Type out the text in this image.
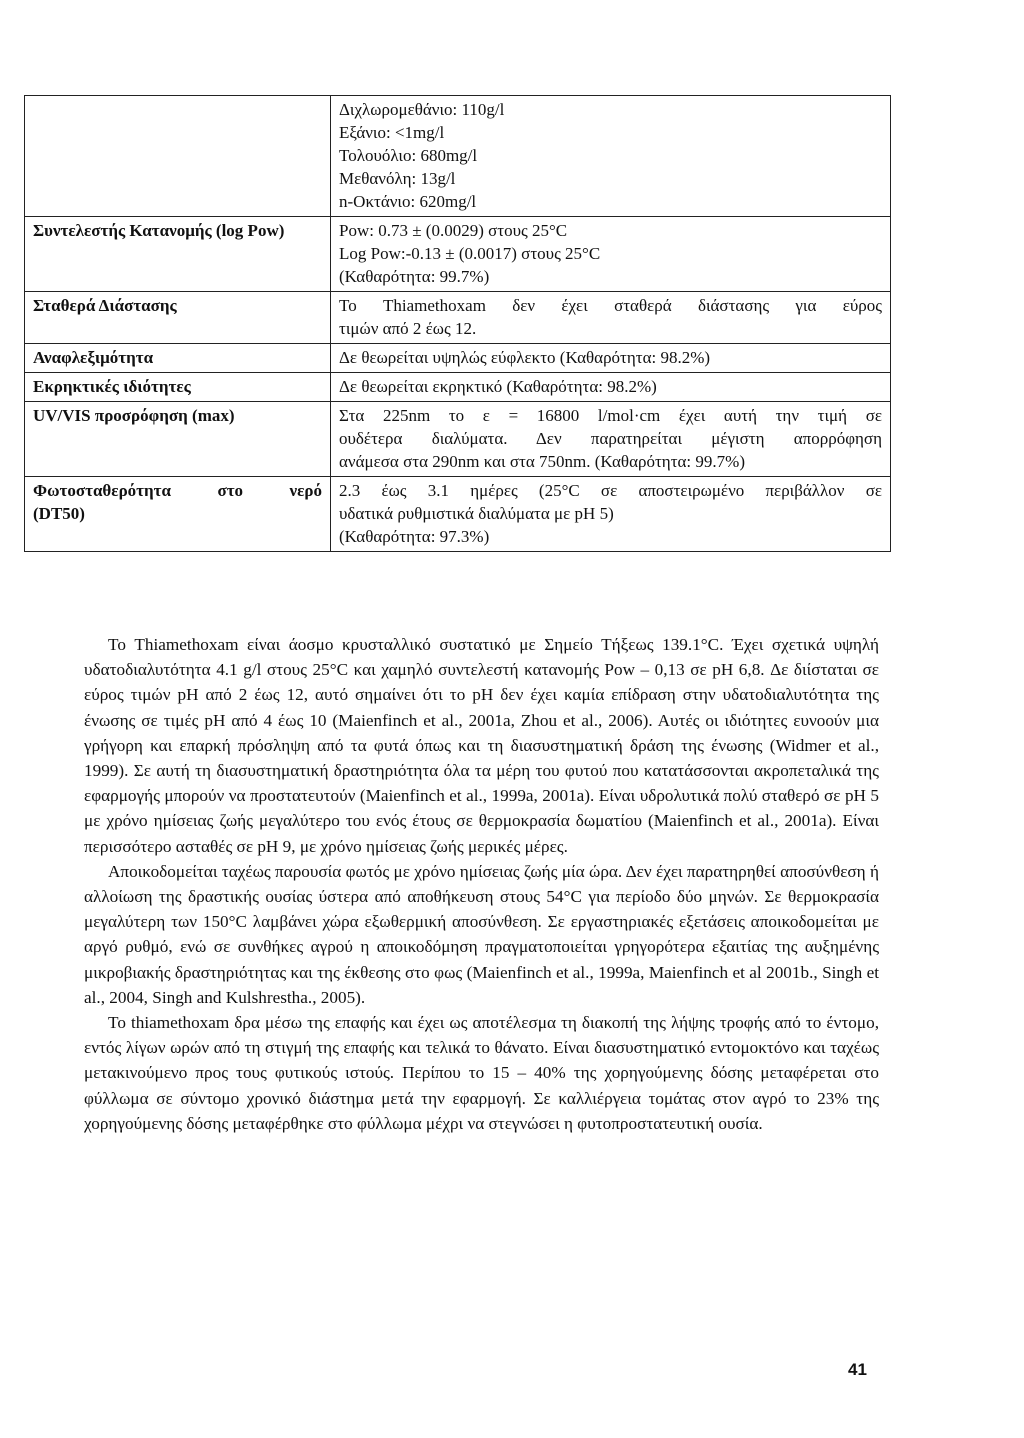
	Διχλωρομεθάνιο: 110g/l
Εξάνιο: <1mg/l
Τολουόλιο: 680mg/l
Μεθανόλη: 13g/l
n-Οκτάνιο: 620mg/l

Συντελεστής Κατανομής (log Pow)	Pow: 0.73 ± (0.0029) στους 25°C
Log Pow:-0.13 ± (0.0017) στους 25°C
(Καθαρότητα: 99.7%)

Σταθερά Διάστασης	Το Thiamethoxam δεν έχει σταθερά διάστασης για εύρος
τιμών από 2 έως 12.

Αναφλεξιμότητα	Δε θεωρείται υψηλώς εύφλεκτο (Καθαρότητα: 98.2%)

Εκρηκτικές ιδιότητες	Δε θεωρείται εκρηκτικό (Καθαρότητα: 98.2%)

UV/VIS προσρόφηση (max)	Στα 225nm το ε = 16800 l/mol·cm έχει αυτή την τιμή σε
ουδέτερα διαλύματα. Δεν παρατηρείται μέγιστη απορρόφηση
ανάμεσα στα 290nm και στα 750nm. (Καθαρότητα: 99.7%)

Φωτοσταθερότητα στο νερό
(DT50)	2.3 έως 3.1 ημέρες (25°C σε αποστειρωμένο περιβάλλον σε
υδατικά ρυθμιστικά διαλύματα με pH 5)
(Καθαρότητα: 97.3%)

Το Thiamethoxam είναι άοσμο κρυσταλλικό συστατικό με Σημείο Τήξεως 139.1°C. Έχει σχετικά υψηλή υδατοδιαλυτότητα 4.1 g/l στους 25°C και χαμηλό συντελεστή κατανομής Pow – 0,13 σε pH 6,8. Δε διίσταται σε εύρος τιμών pH από 2 έως 12, αυτό σημαίνει ότι το pH δεν έχει καμία επίδραση στην υδατοδιαλυτότητα της ένωσης σε τιμές pH από 4 έως 10 (Maienfinch et al., 2001a, Zhou et al., 2006). Αυτές οι ιδιότητες ευνοούν μια γρήγορη και επαρκή πρόσληψη από τα φυτά όπως και τη διασυστηματική δράση της ένωσης (Widmer et al., 1999). Σε αυτή τη διασυστηματική δραστηριότητα όλα τα μέρη του φυτού που κατατάσσονται ακροπεταλικά της εφαρμογής μπορούν να προστατευτούν (Maienfinch et al., 1999a, 2001a). Είναι υδρολυτικά πολύ σταθερό σε pH 5 με χρόνο ημίσειας ζωής μεγαλύτερο του ενός έτους σε θερμοκρασία δωματίου (Maienfinch et al., 2001a). Είναι περισσότερο ασταθές σε pH 9, με χρόνο ημίσειας ζωής μερικές μέρες.

Αποικοδομείται ταχέως παρουσία φωτός με χρόνο ημίσειας ζωής μία ώρα. Δεν έχει παρατηρηθεί αποσύνθεση ή αλλοίωση της δραστικής ουσίας ύστερα από αποθήκευση στους 54°C για περίοδο δύο μηνών. Σε θερμοκρασία μεγαλύτερη των 150°C λαμβάνει χώρα εξωθερμική αποσύνθεση. Σε εργαστηριακές εξετάσεις αποικοδομείται με αργό ρυθμό, ενώ σε συνθήκες αγρού η αποικοδόμηση πραγματοποιείται γρηγορότερα εξαιτίας της αυξημένης μικροβιακής δραστηριότητας και της έκθεσης στο φως (Maienfinch et al., 1999a, Maienfinch et al 2001b., Singh et al., 2004, Singh and Kulshrestha., 2005).

Το thiamethoxam δρα μέσω της επαφής και έχει ως αποτέλεσμα τη διακοπή της λήψης τροφής από το έντομο, εντός λίγων ωρών από τη στιγμή της επαφής και τελικά το θάνατο. Είναι διασυστηματικό εντομοκτόνο και ταχέως μετακινούμενο προς τους φυτικούς ιστούς. Περίπου το 15 – 40% της χορηγούμενης δόσης μεταφέρεται στο φύλλωμα σε σύντομο χρονικό διάστημα μετά την εφαρμογή. Σε καλλιέργεια τομάτας στον αγρό το 23% της χορηγούμενης δόσης μεταφέρθηκε στο φύλλωμα μέχρι να στεγνώσει η φυτοπροστατευτική ουσία.

41
